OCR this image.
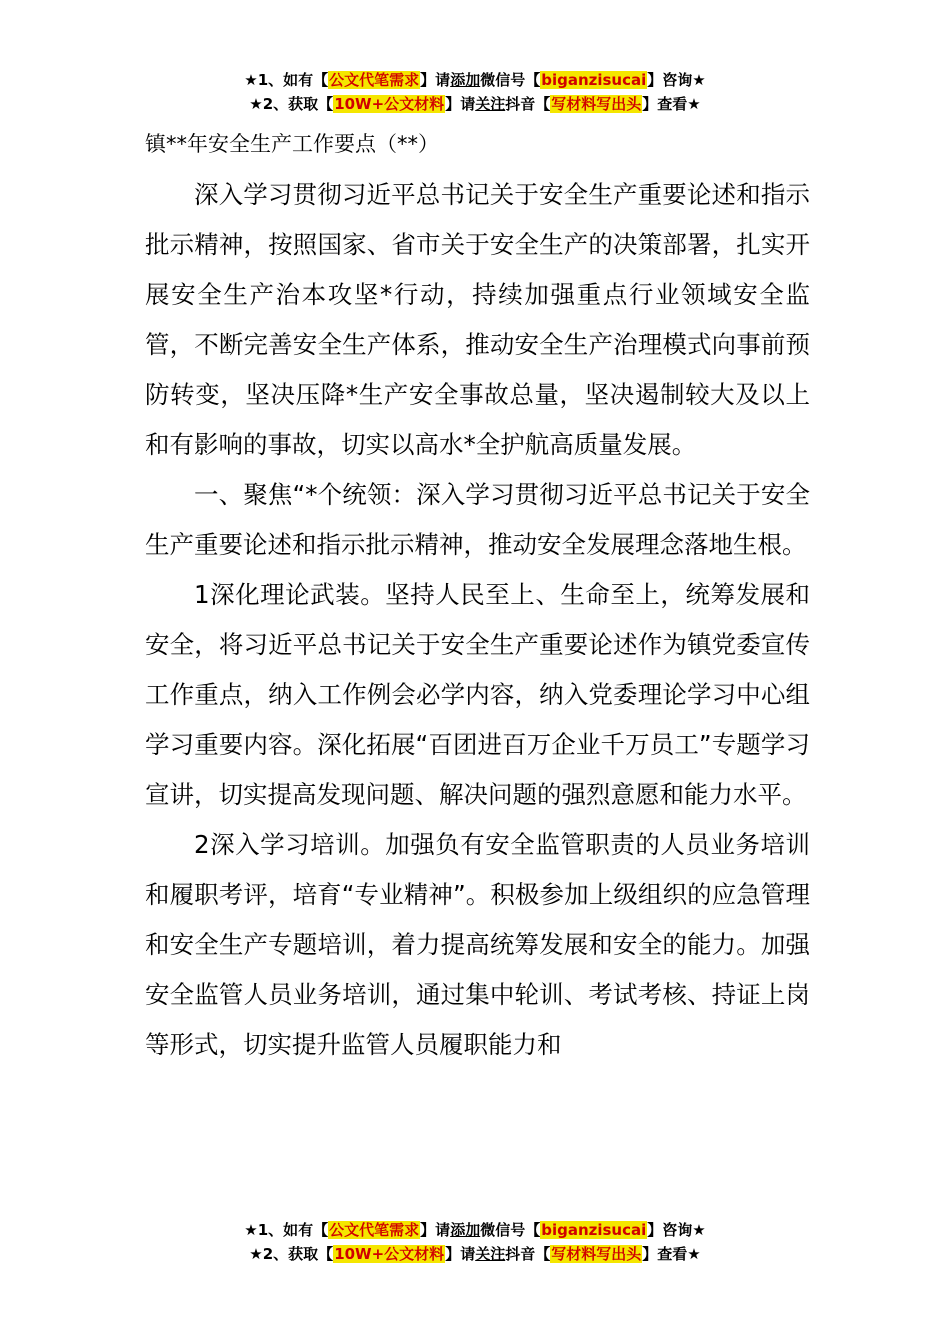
★1、如有【公文代笔需求】请添加微信号【biganzisucai】咨询★
★2、获取【10W+公文材料】请关注抖音【写材料写出头】查看★
镇**年安全生产工作要点（**）

深入学习贯彻习近平总书记关于安全生产重要论述和指示批示精神，按照国家、省市关于安全生产的决策部署，扎实开展安全生产治本攻坚*行动，持续加强重点行业领域安全监管，不断完善安全生产体系，推动安全生产治理模式向事前预防转变，坚决压降*生产安全事故总量，坚决遏制较大及以上和有影响的事故，切实以高水*全护航高质量发展。

一、聚焦“*个统领：深入学习贯彻习近平总书记关于安全生产重要论述和指示批示精神，推动安全发展理念落地生根。

1深化理论武装。坚持人民至上、生命至上，统筹发展和安全，将习近平总书记关于安全生产重要论述作为镇党委宣传工作重点，纳入工作例会必学内容，纳入党委理论学习中心组学习重要内容。深化拓展“百团进百万企业千万员工”专题学习宣讲，切实提高发现问题、解决问题的强烈意愿和能力水平。

2深入学习培训。加强负有安全监管职责的人员业务培训和履职考评，培育“专业精神”。积极参加上级组织的应急管理和安全生产专题培训，着力提高统筹发展和安全的能力。加强安全监管人员业务培训，通过集中轮训、考试考核、持证上岗等形式，切实提升监管人员履职能力和

★1、如有【公文代笔需求】请添加微信号【biganzisucai】咨询★
★2、获取【10W+公文材料】请关注抖音【写材料写出头】查看★
